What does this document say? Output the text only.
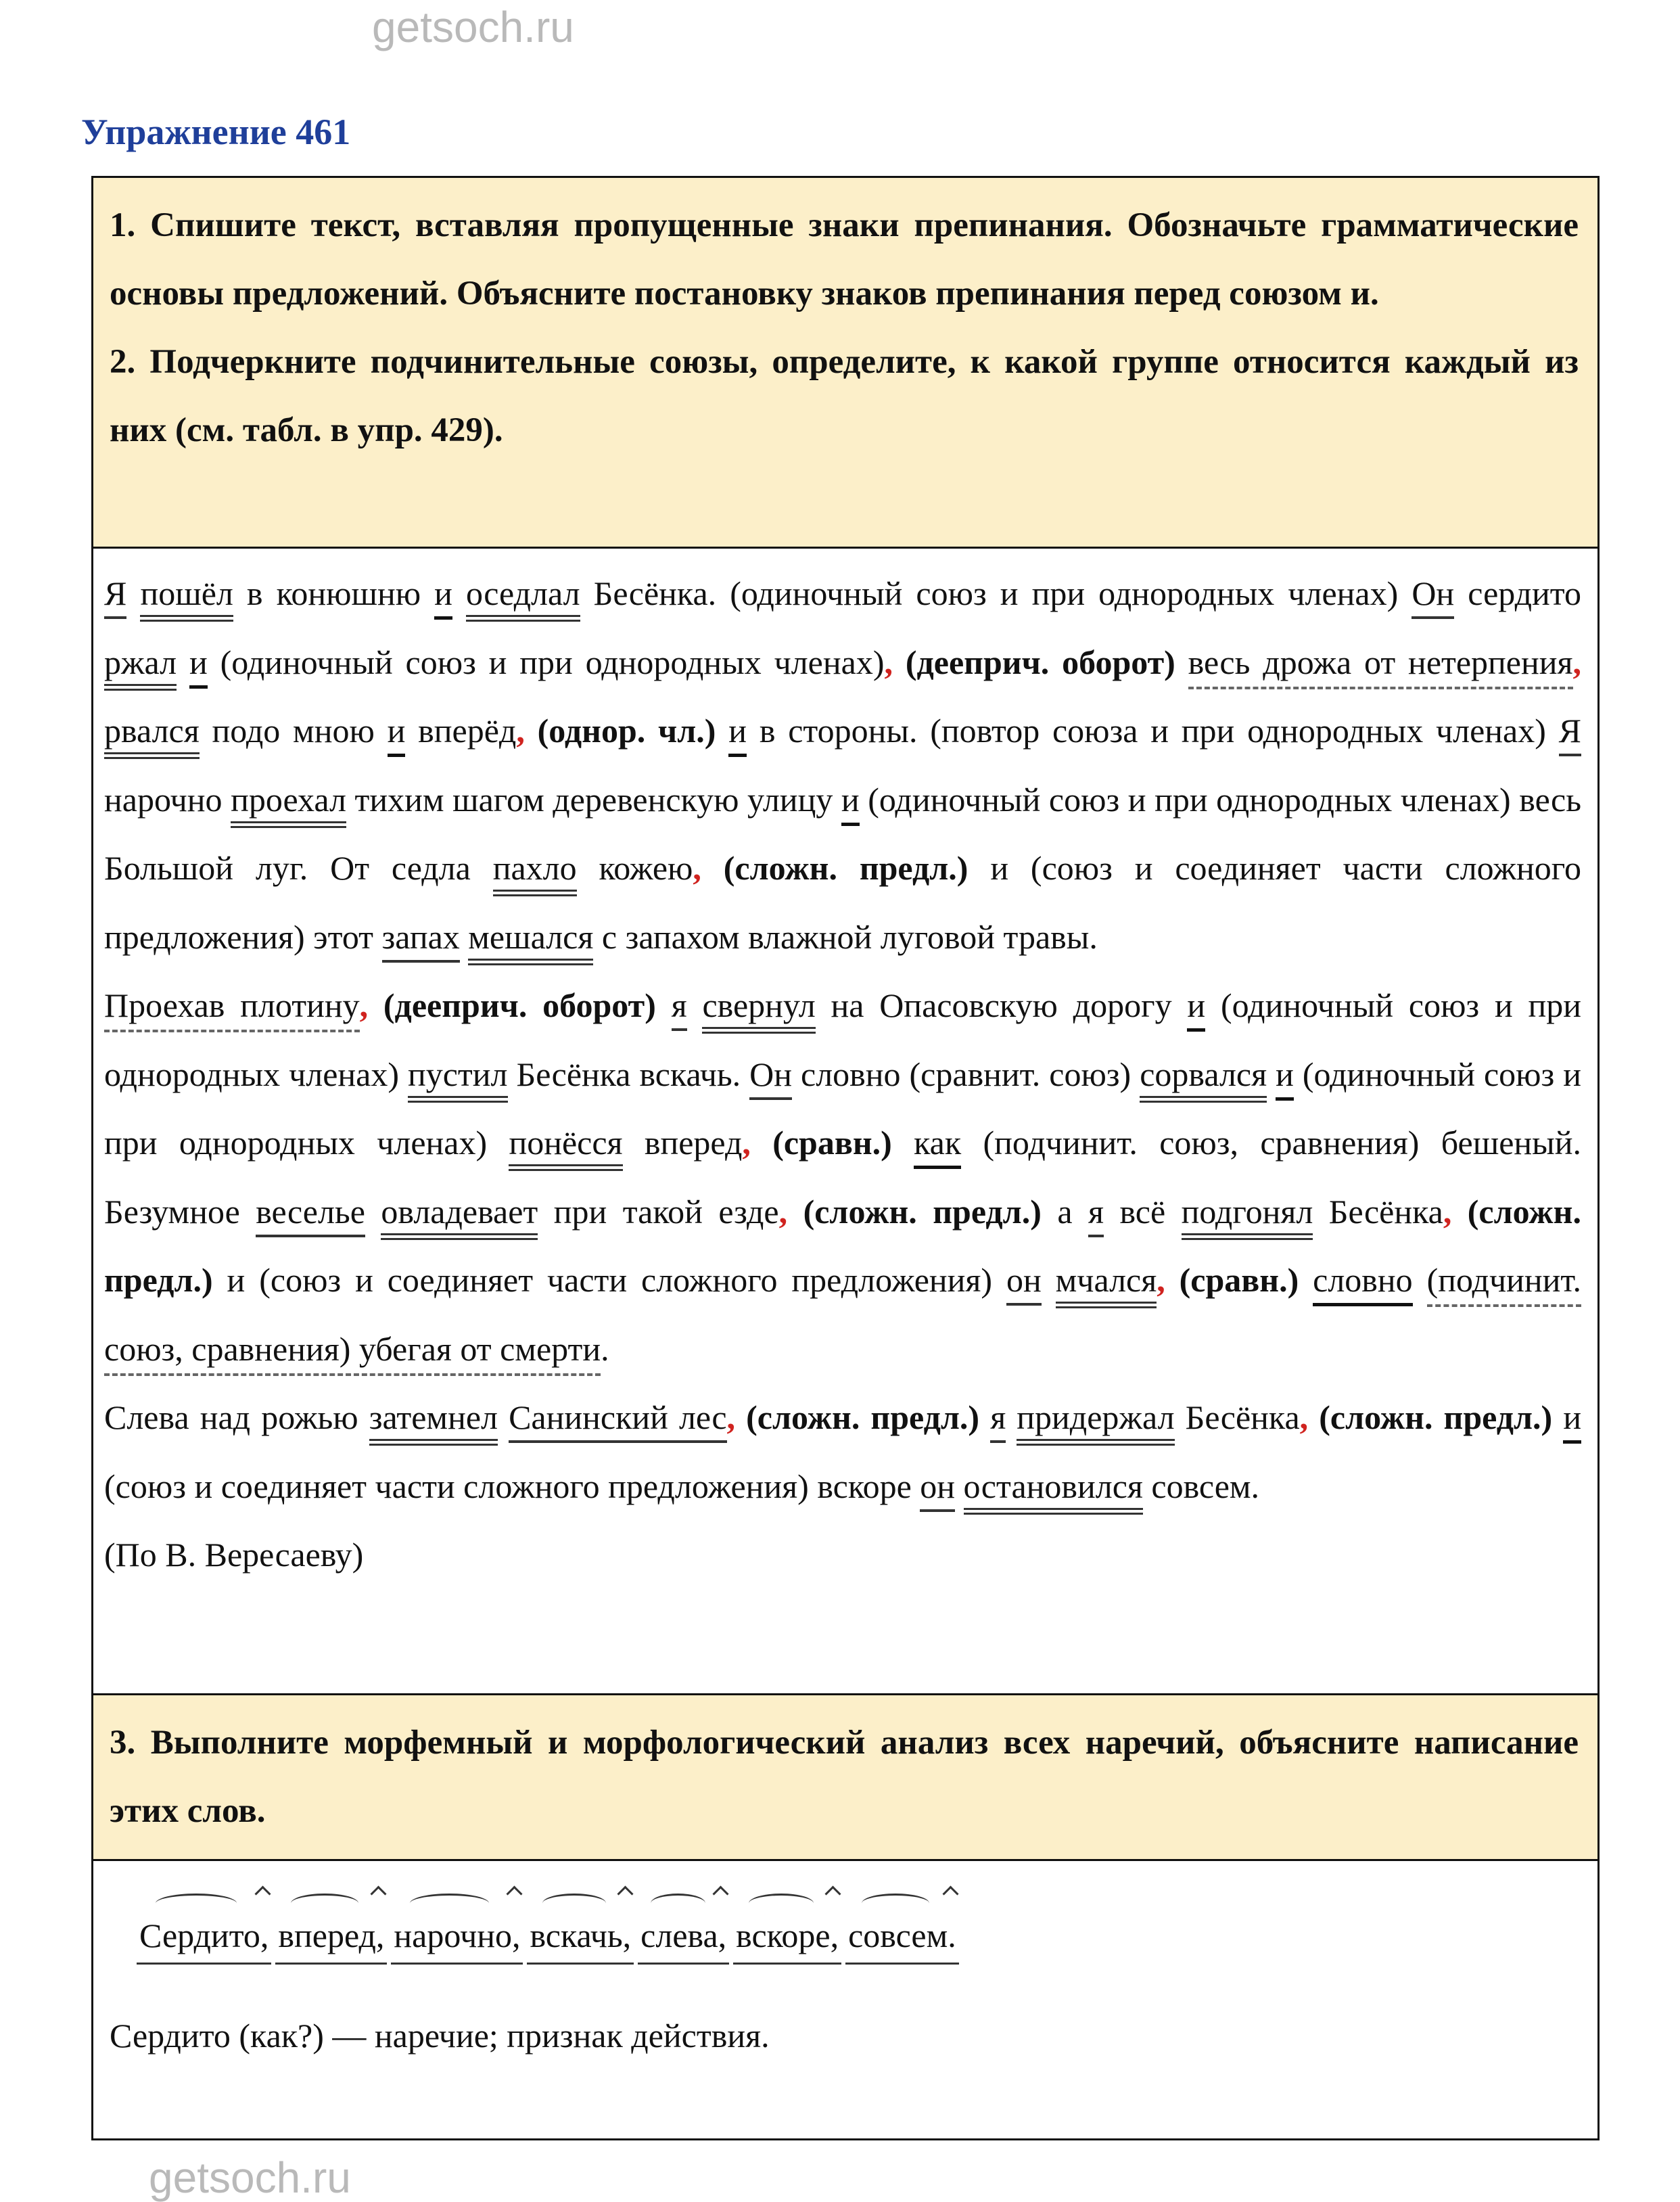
getsoch.ru
getsoch.ru
Упражнение 461
1. Спишите текст, вставляя пропущенные знаки препинания. Обозначьте грамматические основы предложений. Объясните постановку знаков препинания перед союзом и.
2. Подчеркните подчинительные союзы, определите, к какой группе относится каждый из них (см. табл. в упр. 429).

Я пошёл в конюшню и оседлал Бесёнка. (одиночный союз и при однородных членах) Он сердито ржал и (одиночный союз и при однородных членах), (деeприч. оборот) весь дрожа от нетерпения, рвался подо мною и вперёд, (однор. чл.) и в стороны. (повтор союза и при однородных членах) Я нарочно проехал тихим шагом деревенскую улицу и (одиночный союз и при однородных членах) весь Большой луг. От седла пахло кожею, (сложн. предл.) и (союз и соединяет части сложного предложения) этот запах мешался с запахом влажной луговой травы.

Проехав плотину, (дееприч. оборот) я свернул на Опасовскую дорогу и (одиночный союз и при однородных членах) пустил Бесёнка вскачь. Он словно (сравнит. союз) сорвался и (одиночный союз и при однородных членах) понёсся вперед, (сравн.) как (подчинит. союз, сравнения) бешеный. Безумное веселье овладевает при такой езде, (сложн. предл.) а я всё подгонял Бесёнка, (сложн. предл.) и (союз и соединяет части сложного предложения) он мчался, (сравн.) словно (подчинит. союз, сравнения) убегая от смерти.

Слева над рожью затемнел Санинский лес, (сложн. предл.) я придержал Бесёнка, (сложн. предл.) и (союз и соединяет части сложного предложения) вскоре он остановился совсем.

(По В. Вересаеву)

3. Выполните морфемный и морфологический анализ всех наречий, объясните написание этих слов.
Сердито, вперед, нарочно, вскачь, слева, вскоре, совсем.
Сердито (как?) — наречие; признак действия.
